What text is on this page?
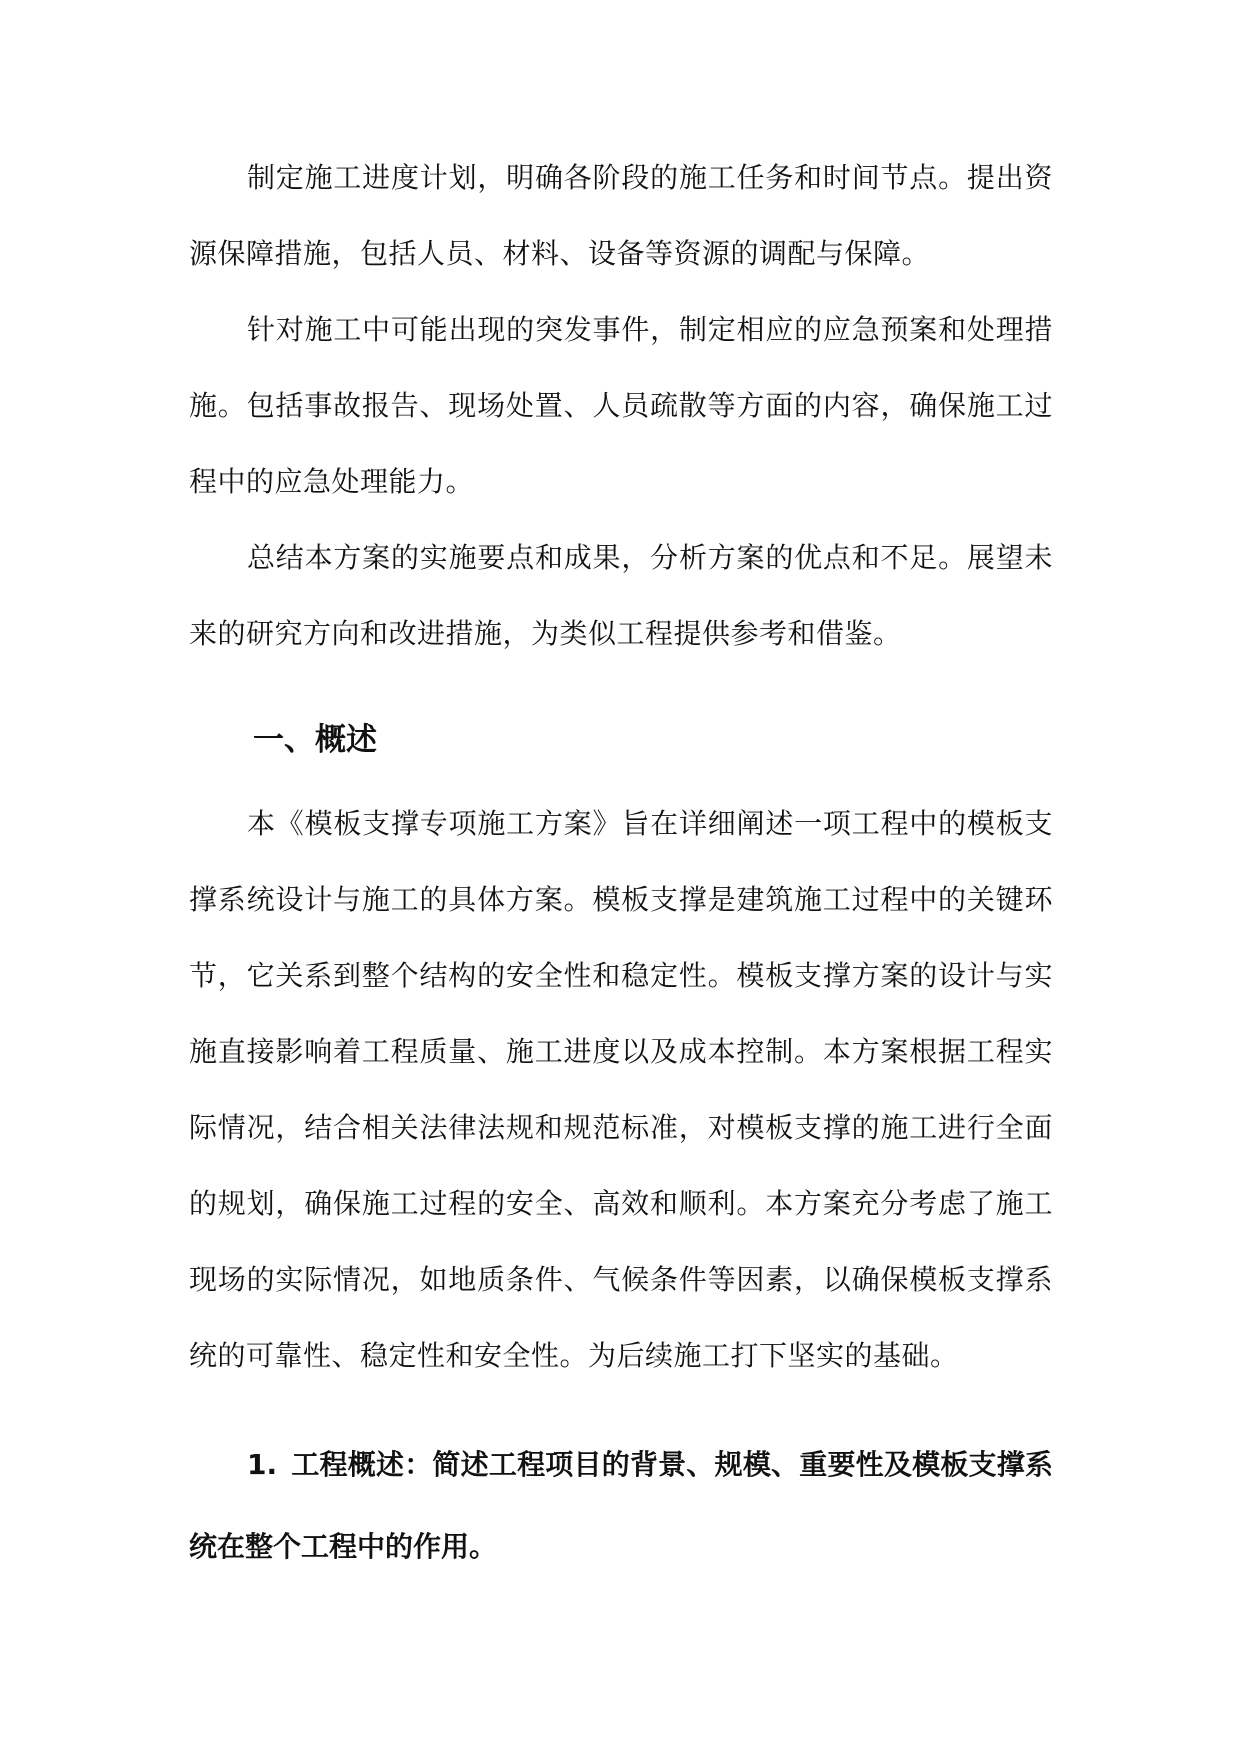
制定施工进度计划，明确各阶段的施工任务和时间节点。提出资源保障措施，包括人员、材料、设备等资源的调配与保障。

针对施工中可能出现的突发事件，制定相应的应急预案和处理措施。包括事故报告、现场处置、人员疏散等方面的内容，确保施工过程中的应急处理能力。

总结本方案的实施要点和成果，分析方案的优点和不足。展望未来的研究方向和改进措施，为类似工程提供参考和借鉴。

一、概述

本《模板支撑专项施工方案》旨在详细阐述一项工程中的模板支撑系统设计与施工的具体方案。模板支撑是建筑施工过程中的关键环节，它关系到整个结构的安全性和稳定性。模板支撑方案的设计与实施直接影响着工程质量、施工进度以及成本控制。本方案根据工程实际情况，结合相关法律法规和规范标准，对模板支撑的施工进行全面的规划，确保施工过程的安全、高效和顺利。本方案充分考虑了施工现场的实际情况，如地质条件、气候条件等因素，以确保模板支撑系统的可靠性、稳定性和安全性。为后续施工打下坚实的基础。

1. 工程概述：简述工程项目的背景、规模、重要性及模板支撑系统在整个工程中的作用。
